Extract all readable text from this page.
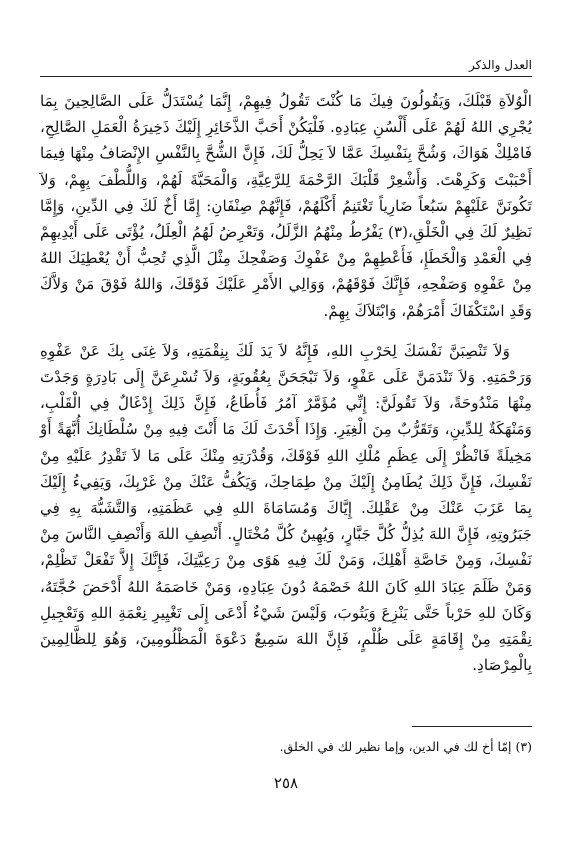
العدل والذكر

الْوُلاَةِ قَبْلَكَ، وَيَقُولُونَ فِيكَ مَا كُنْتَ تَقُولُ فِيهِمْ، إِنَّمَا يُسْتَدَلُّ عَلَى الصَّالِحِينَ بِمَا يُجْرِي اللهُ لَهُمْ عَلَى أَلْسُنِ عِبَادِهِ. فَلْيَكُنْ أَحَبَّ الذَّخَائِرِ إِلَيْكَ ذَخِيرَةُ الْعَمَلِ الصَّالِحِ، فَامْلِكْ هَوَاكَ، وَشُحَّ بِنَفْسِكَ عَمَّا لاَ يَحِلُّ لَكَ، فَإِنَّ الشُّحَّ بِالنَّفْسِ الإِنْصَافُ مِنْهَا فِيمَا أَحْبَبْتَ وَكَرِهْتَ. وَأَشْعِرْ قَلْبَكَ الرَّحْمَةَ لِلرَّعِيَّةِ، وَالْمَحَبَّةَ لَهُمْ، وَاللُّطْفَ بِهِمْ، وَلاَ تَكُونَنَّ عَلَيْهِمْ سَبُعاً ضَارِياً تَغْتَنِمُ أَكْلَهُمْ، فَإِنَّهُمْ صِنْفَانِ: إِمَّا أَخٌ لَكَ فِي الدِّينِ، وَإِمَّا نَظِيرٌ لَكَ فِي الْخَلْقِ،(٣) يَفْرُطُ مِنْهُمُ الزَّلَلُ، وَتَعْرِضُ لَهُمُ الْعِلَلُ، يُؤْتَى عَلَى أَيْدِيهِمْ فِي الْعَمْدِ وَالْخَطَإِ، فَأَعْطِهِمْ مِنْ عَفْوِكَ وَصَفْحِكَ مِثْلَ الَّذِي تُحِبُّ أَنْ يُعْطِيَكَ اللهُ مِنْ عَفْوِهِ وَصَفْحِهِ، فَإِنَّكَ فَوْقَهُمْ، وَوَالِي الأَمْرِ عَلَيْكَ فَوْقَكَ، وَاللهُ فَوْقَ مَنْ وَلاَّكَ وَقَدِ اسْتَكْفَاكَ أَمْرَهُمْ، وَابْتَلاَكَ بِهِمْ.

وَلاَ تَنْصِبَنَّ نَفْسَكَ لِحَرْبِ اللهِ، فَإِنَّهُ لاَ يَدَ لَكَ بِنِقْمَتِهِ، وَلاَ غِنَى بِكَ عَنْ عَفْوِهِ وَرَحْمَتِهِ. وَلاَ تَنْدَمَنَّ عَلَى عَفْوٍ، وَلاَ تَبْجَحَنَّ بِعُقُوبَةٍ، وَلاَ تُسْرِعَنَّ إِلَى بَادِرَةٍ وَجَدْتَ مِنْهَا مَنْدُوحَةً، وَلاَ تَقُولَنَّ: إِنِّي مُؤَمَّرٌ آمُرُ فَأُطَاعُ، فَإِنَّ ذَلِكَ إِدْغَالٌ فِي الْقَلْبِ، وَمَنْهَكَةٌ لِلدِّينِ، وَتَقَرُّبٌ مِنَ الْغِيَرِ. وَإِذَا أَحْدَثَ لَكَ مَا أَنْتَ فِيهِ مِنْ سُلْطَانِكَ أُبَّهَةً أَوْ مَخِيلَةً فَانْظُرْ إِلَى عِظَمِ مُلْكِ اللهِ فَوْقَكَ، وَقُدْرَتِهِ مِنْكَ عَلَى مَا لاَ تَقْدِرُ عَلَيْهِ مِنْ نَفْسِكَ، فَإِنَّ ذَلِكَ يُطَامِنُ إِلَيْكَ مِنْ طِمَاحِكَ، وَيَكُفُّ عَنْكَ مِنْ غَرْبِكَ، وَيَفِيءُ إِلَيْكَ بِمَا عَزَبَ عَنْكَ مِنْ عَقْلِكَ. إِيَّاكَ وَمُسَامَاةَ اللهِ فِي عَظَمَتِهِ، وَالتَّشَبُّهَ بِهِ فِي جَبَرُوتِهِ، فَإِنَّ اللهَ يُذِلُّ كُلَّ جَبَّارٍ، وَيُهِينُ كُلَّ مُخْتَالٍ. أَنْصِفِ اللهَ وَأَنْصِفِ النَّاسَ مِنْ نَفْسِكَ، وَمِنْ خَاصَّةِ أَهْلِكَ، وَمَنْ لَكَ فِيهِ هَوًى مِنْ رَعِيَّتِكَ، فَإِنَّكَ إِلاَّ تَفْعَلْ تَظْلِمْ، وَمَنْ ظَلَمَ عِبَادَ اللهِ كَانَ اللهُ خَصْمَهُ دُونَ عِبَادِهِ، وَمَنْ خَاصَمَهُ اللهُ أَدْحَضَ حُجَّتَهُ، وَكَانَ للهِ حَرْباً حَتَّى يَنْزِعَ وَيَتُوبَ، وَلَيْسَ شَيْءٌ أَدْعَى إِلَى تَغْيِيرِ نِعْمَةِ اللهِ وَتَعْجِيلِ نِقْمَتِهِ مِنْ إِقَامَةٍ عَلَى ظُلْمٍ، فَإِنَّ اللهَ سَمِيعٌ دَعْوَةَ الْمَظْلُومِينَ، وَهُوَ لِلظَّالِمِينَ بِالْمِرْصَادِ.

(٣) إمّا أخ لك في الدين، وإما نظير لك في الخلق.
٢٥٨
